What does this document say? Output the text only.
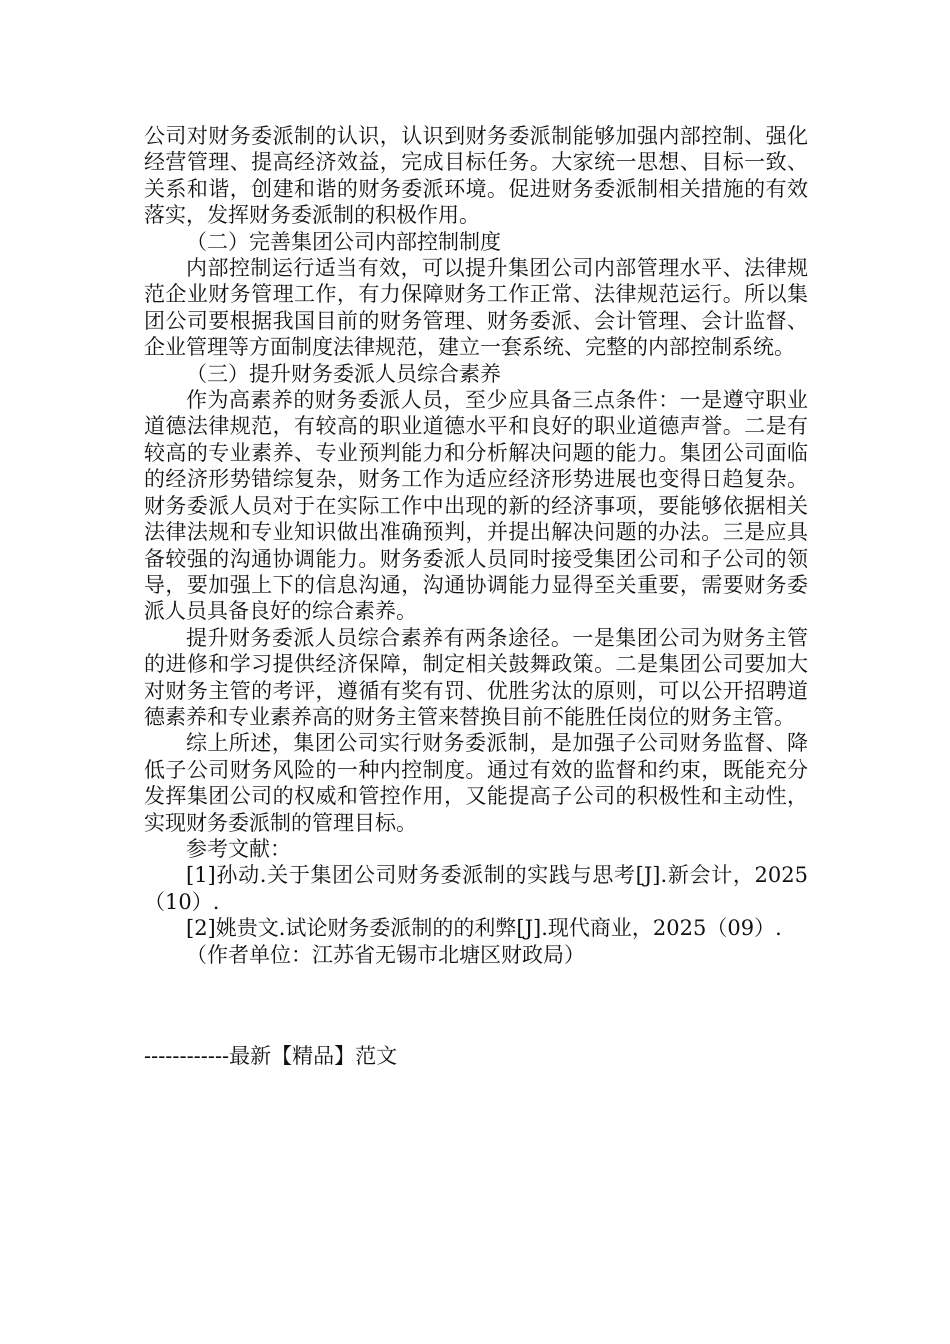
公司对财务委派制的认识，认识到财务委派制能够加强内部控制、强化经营管理、提高经济效益，完成目标任务。大家统一思想、目标一致、关系和谐，创建和谐的财务委派环境。促进财务委派制相关措施的有效落实，发挥财务委派制的积极作用。

（二）完善集团公司内部控制制度

内部控制运行适当有效，可以提升集团公司内部管理水平、法律规范企业财务管理工作，有力保障财务工作正常、法律规范运行。所以集团公司要根据我国目前的财务管理、财务委派、会计管理、会计监督、企业管理等方面制度法律规范，建立一套系统、完整的内部控制系统。

（三）提升财务委派人员综合素养

作为高素养的财务委派人员，至少应具备三点条件：一是遵守职业道德法律规范，有较高的职业道德水平和良好的职业道德声誉。二是有较高的专业素养、专业预判能力和分析解决问题的能力。集团公司面临的经济形势错综复杂，财务工作为适应经济形势进展也变得日趋复杂。财务委派人员对于在实际工作中出现的新的经济事项，要能够依据相关法律法规和专业知识做出准确预判，并提出解决问题的办法。三是应具备较强的沟通协调能力。财务委派人员同时接受集团公司和子公司的领导，要加强上下的信息沟通，沟通协调能力显得至关重要，需要财务委派人员具备良好的综合素养。

提升财务委派人员综合素养有两条途径。一是集团公司为财务主管的进修和学习提供经济保障，制定相关鼓舞政策。二是集团公司要加大对财务主管的考评，遵循有奖有罚、优胜劣汰的原则，可以公开招聘道德素养和专业素养高的财务主管来替换目前不能胜任岗位的财务主管。

综上所述，集团公司实行财务委派制，是加强子公司财务监督、降低子公司财务风险的一种内控制度。通过有效的监督和约束，既能充分发挥集团公司的权威和管控作用，又能提高子公司的积极性和主动性，实现财务委派制的管理目标。

参考文献：

[1]孙动.关于集团公司财务委派制的实践与思考[J].新会计，2025（10）.

[2]姚贵文.试论财务委派制的的利弊[J].现代商业，2025（09）.

（作者单位：江苏省无锡市北塘区财政局）

------------最新【精品】范文
